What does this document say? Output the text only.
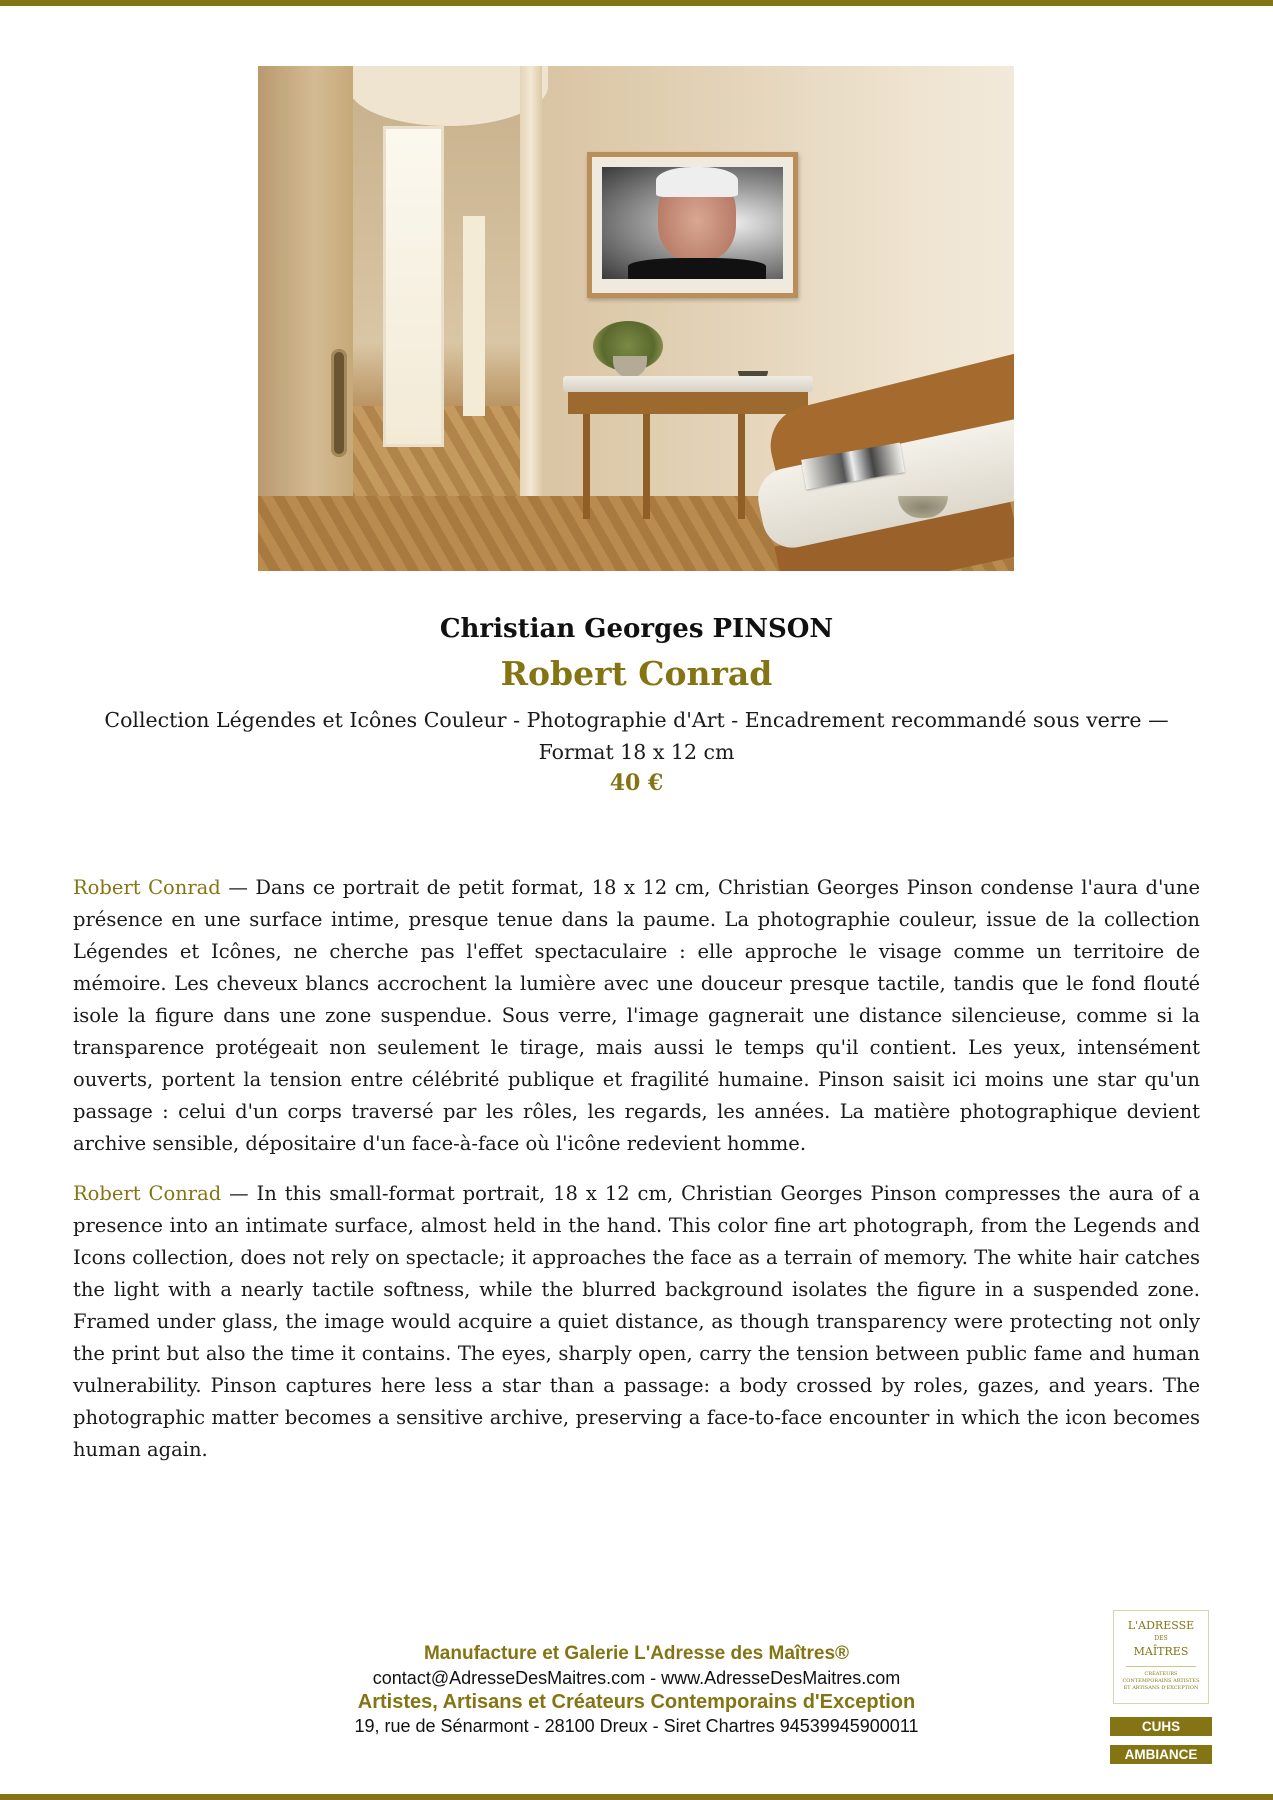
Christian Georges PINSON
Robert Conrad

Collection Légendes et Icônes Couleur - Photographie d'Art - Encadrement recommandé sous verre — Format 18 x 12 cm

40 €

Robert Conrad — Dans ce portrait de petit format, 18 x 12 cm, Christian Georges Pinson condense l'aura d'une présence en une surface intime, presque tenue dans la paume. La photographie couleur, issue de la collection Légendes et Icônes, ne cherche pas l'effet spectaculaire : elle approche le visage comme un territoire de mémoire. Les cheveux blancs accrochent la lumière avec une douceur presque tactile, tandis que le fond flouté isole la figure dans une zone suspendue. Sous verre, l'image gagnerait une distance silencieuse, comme si la transparence protégeait non seulement le tirage, mais aussi le temps qu'il contient. Les yeux, intensément ouverts, portent la tension entre célébrité publique et fragilité humaine. Pinson saisit ici moins une star qu'un passage : celui d'un corps traversé par les rôles, les regards, les années. La matière photographique devient archive sensible, dépositaire d'un face-à-face où l'icône redevient homme.

Robert Conrad — In this small-format portrait, 18 x 12 cm, Christian Georges Pinson compresses the aura of a presence into an intimate surface, almost held in the hand. This color fine art photograph, from the Legends and Icons collection, does not rely on spectacle; it approaches the face as a terrain of memory. The white hair catches the light with a nearly tactile softness, while the blurred background isolates the figure in a suspended zone. Framed under glass, the image would acquire a quiet distance, as though transparency were protecting not only the print but also the time it contains. The eyes, sharply open, carry the tension between public fame and human vulnerability. Pinson captures here less a star than a passage: a body crossed by roles, gazes, and years. The photographic matter becomes a sensitive archive, preserving a face-to-face encounter in which the icon becomes human again.

Manufacture et Galerie L'Adresse des Maîtres®

contact@AdresseDesMaitres.com - www.AdresseDesMaitres.com

Artistes, Artisans et Créateurs Contemporains d'Exception

19, rue de Sénarmont - 28100 Dreux - Siret Chartres 94539945900011

L'ADRESSE
DES
MAÎTRES
CRÉATEURS CONTEMPORAINS ARTISTES ET ARTISANS D'EXCEPTION
CUHS
AMBIANCE
